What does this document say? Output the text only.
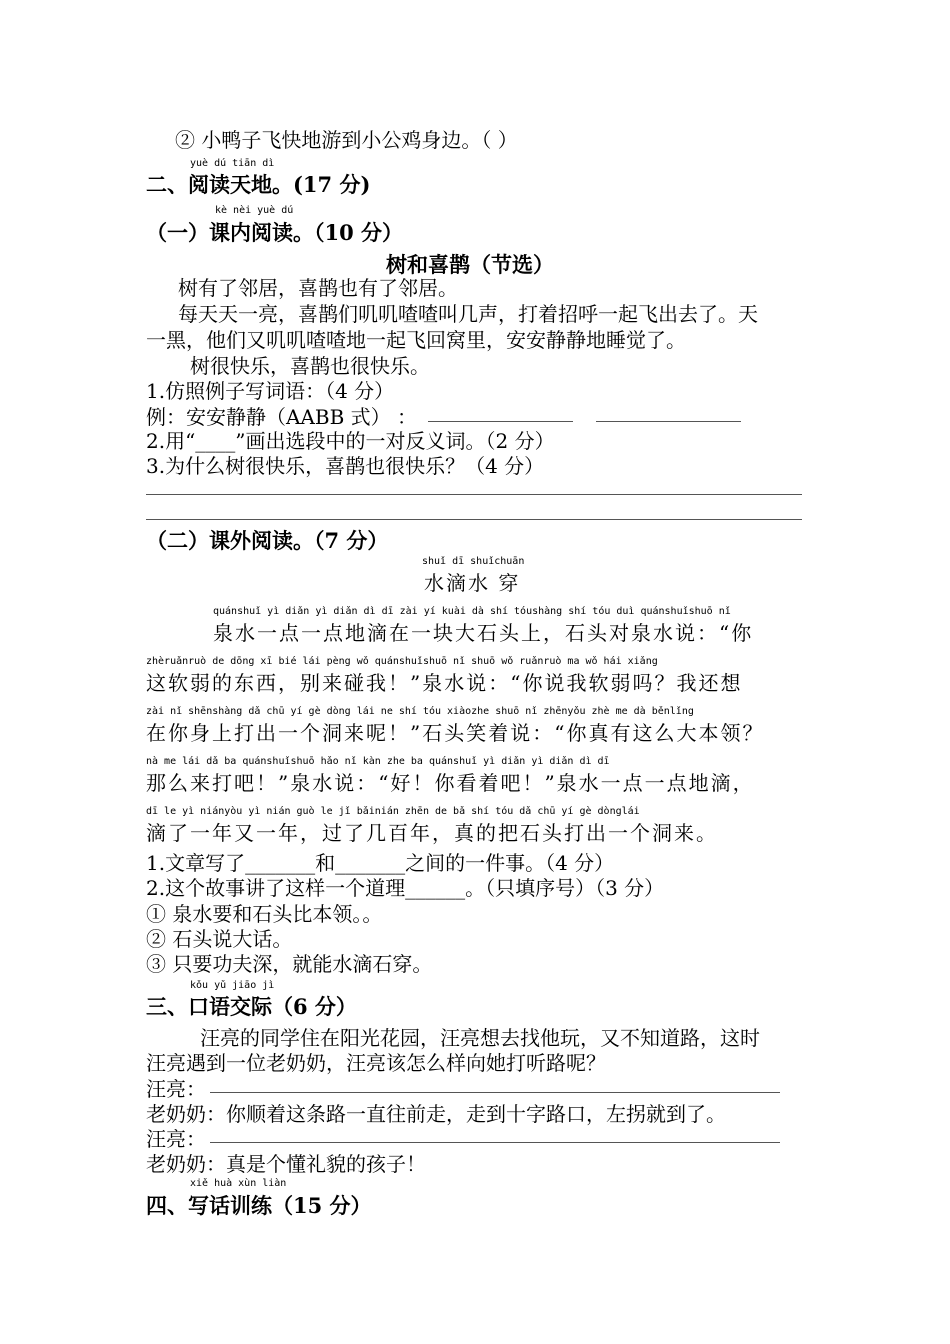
② 小鸭子飞快地游到小公鸡身边。（ ）
yuè dú tiān dì
二、阅读天地。(17 分)
kè nèi yuè dú
（一）课内阅读。（10 分）
树和喜鹊（节选）
树有了邻居，喜鹊也有了邻居。
每天天一亮，喜鹊们叽叽喳喳叫几声，打着招呼一起飞出去了。天
一黑，他们又叽叽喳喳地一起飞回窝里，安安静静地睡觉了。
树很快乐，喜鹊也很快乐。
1.仿照例子写词语：（4 分）
例：安安静静（AABB 式） ：
2.用“____”画出选段中的一对反义词。（2 分）
3.为什么树很快乐，喜鹊也很快乐？（4 分）
（二）课外阅读。（7 分）
shuǐ dī shuǐchuān
水滴水 穿
quánshuǐ yì diǎn yì diǎn dì dī zài yí kuài dà shí tóushàng shí tóu duì quánshuǐshuō nǐ
泉水一点一点地滴在一块大石头上，石头对泉水说：“你
zhèruǎnruò de dōng xī bié lái pèng wǒ quánshuǐshuō nǐ shuō wǒ ruǎnruò ma wǒ hái xiǎng
这软弱的东西，别来碰我！”泉水说：“你说我软弱吗？我还想
zài nǐ shēnshàng dǎ chū yí gè dòng lái ne shí tóu xiàozhe shuō nǐ zhēnyǒu zhè me dà běnlǐng
在你身上打出一个洞来呢！”石头笑着说：“你真有这么大本领？
nà me lái dǎ ba quánshuǐshuō hǎo nǐ kàn zhe ba quánshuǐ yì diǎn yì diǎn dì dī
那么来打吧！”泉水说：“好！你看着吧！”泉水一点一点地滴，
dī le yì niányòu yì nián guò le jǐ bǎinián zhēn de bǎ shí tóu dǎ chū yí gè dònglái
滴了一年又一年，过了几百年，真的把石头打出一个洞来。
1.文章写了_______和_______之间的一件事。（4 分）
2.这个故事讲了这样一个道理______。（只填序号）（3 分）
① 泉水要和石头比本领。。
② 石头说大话。
③ 只要功夫深，就能水滴石穿。
kǒu yǔ jiāo jì
三、口语交际（6 分）
汪亮的同学住在阳光花园，汪亮想去找他玩，又不知道路，这时
汪亮遇到一位老奶奶，汪亮该怎么样向她打听路呢？
汪亮：
老奶奶：你顺着这条路一直往前走，走到十字路口，左拐就到了。
汪亮：
老奶奶：真是个懂礼貌的孩子！
xiě huà xùn liàn
四、写话训练（15 分）
